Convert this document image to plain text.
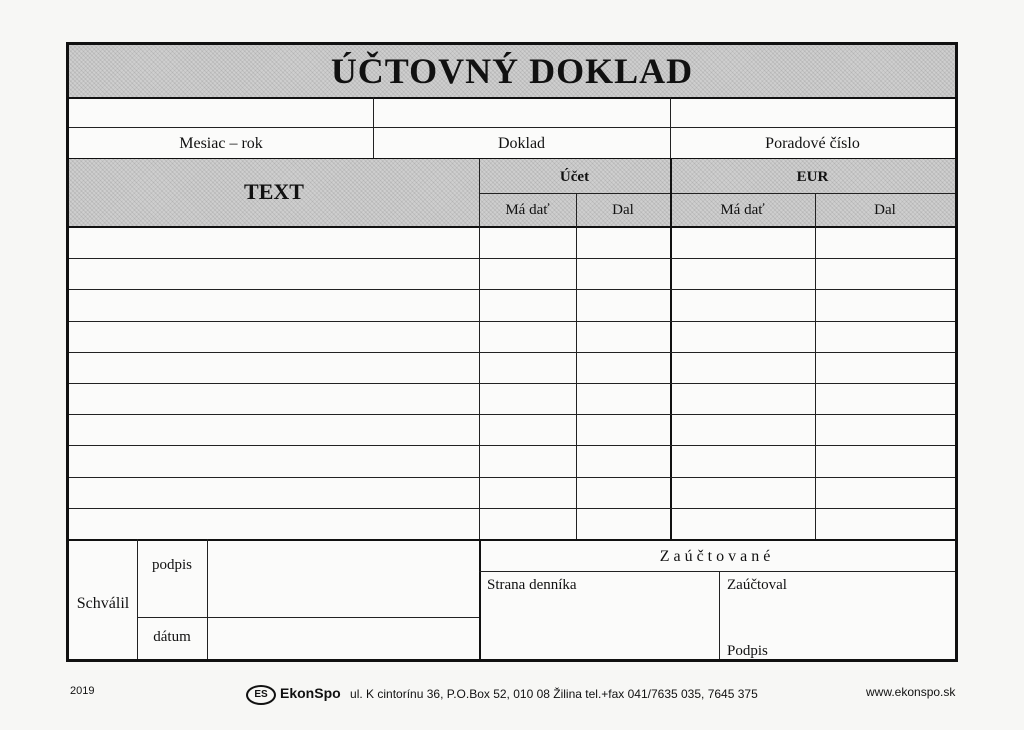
ÚČTOVNÝ DOKLAD
Mesiac – rok	Doklad	Poradové číslo
TEXT
Účet	EUR
Má dať	Dal	Má dať	Dal
Schválil
podpis
dátum
Zaúčtované
Strana denníka	Zaúčtoval
Podpis
2019	ES EkonSpo ul. K cintorínu 36, P.O.Box 52, 010 08 Žilina tel.+fax 041/7635 035, 7645 375	www.ekonspo.sk
